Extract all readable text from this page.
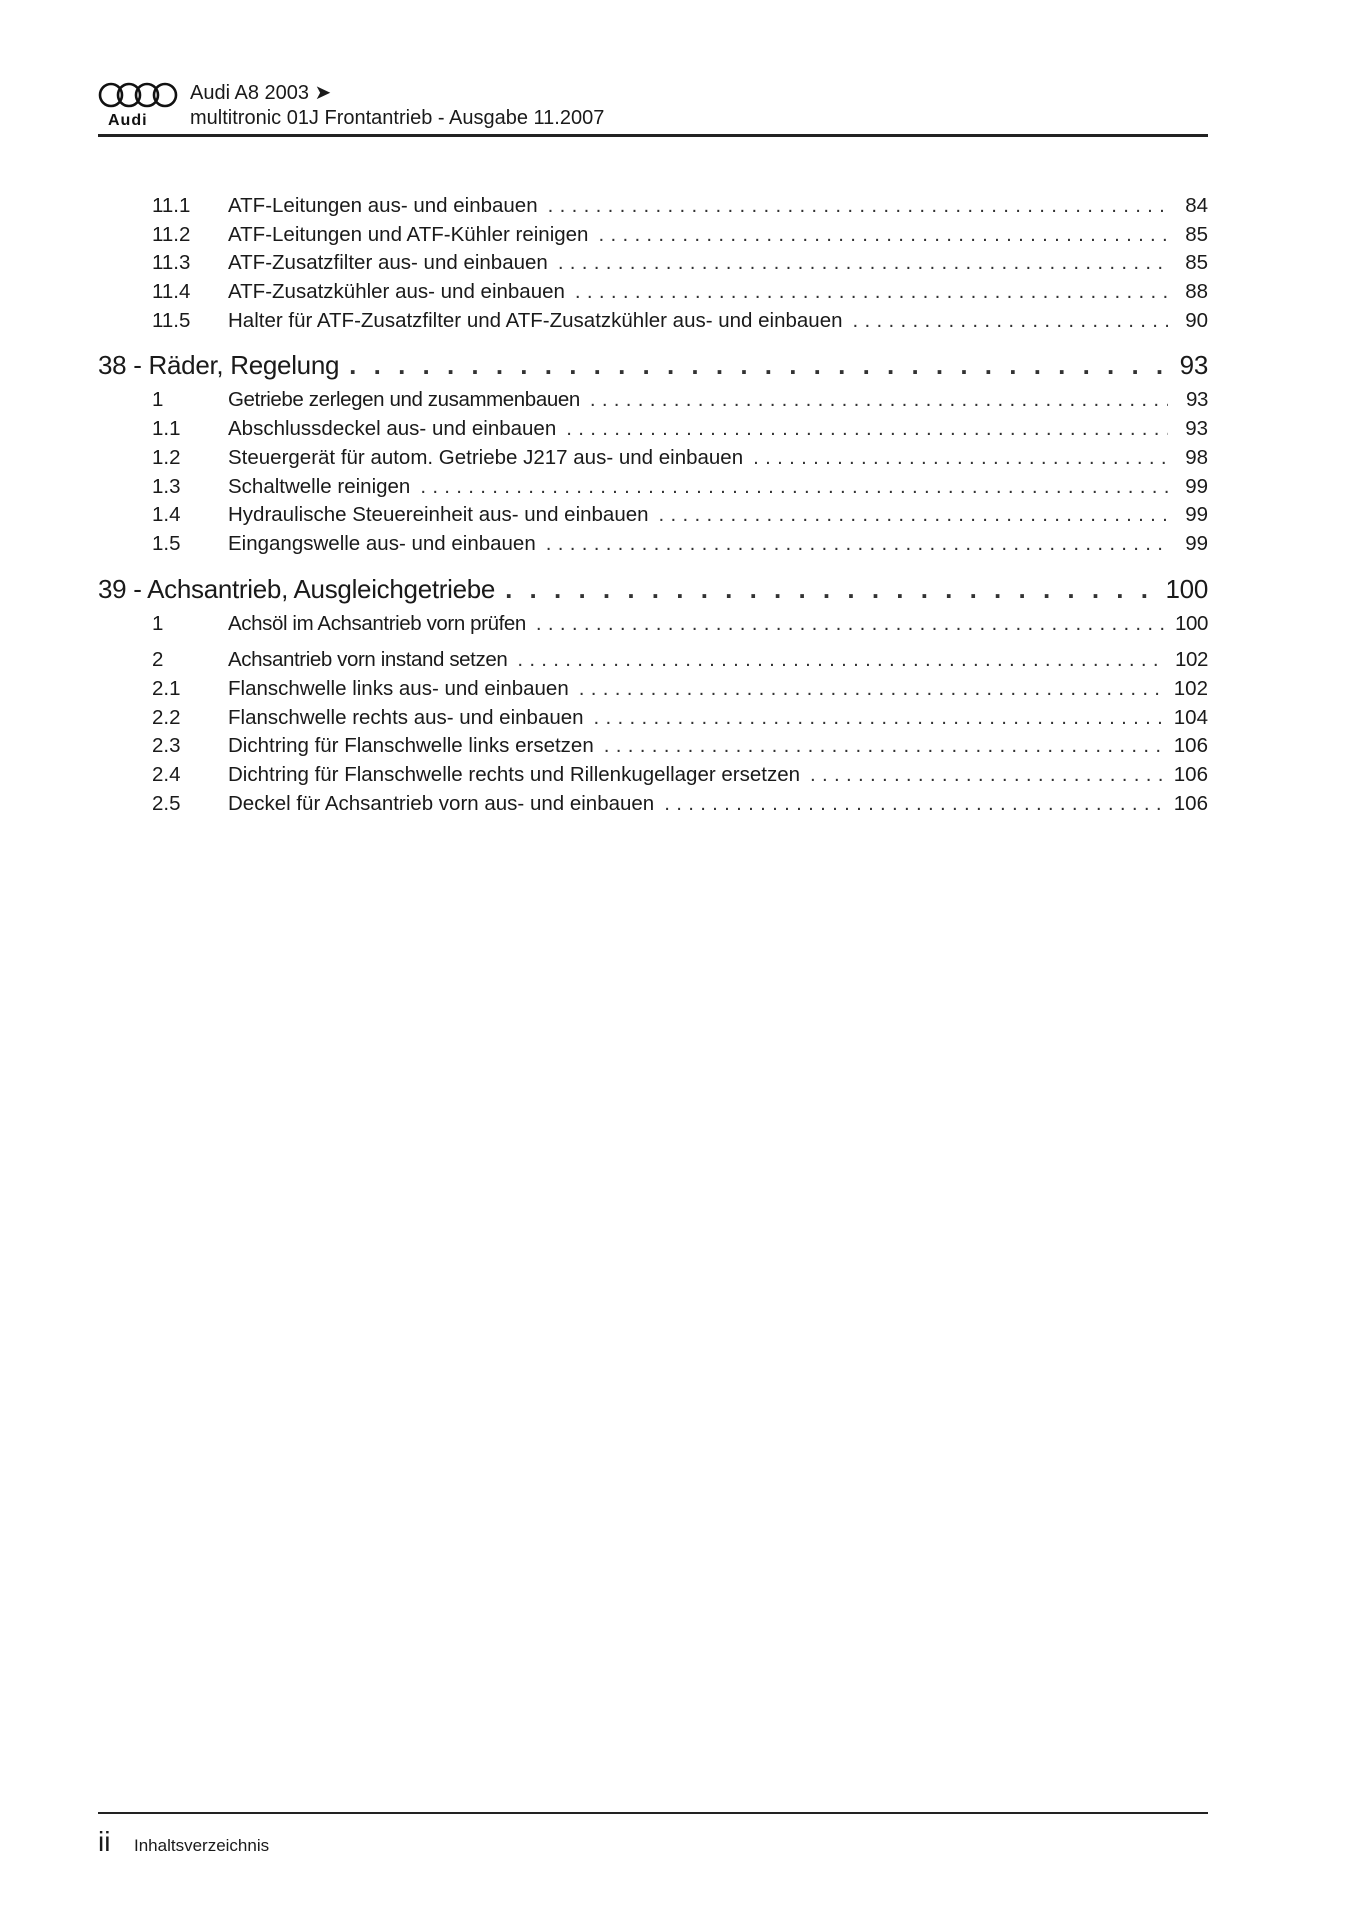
Audi
Audi A8 2003 ➤
multitronic 01J Frontantrieb - Ausgabe 11.2007
11.1	ATF-Leitungen aus- und einbauen . . .	84
11.2	ATF-Leitungen und ATF-Kühler reinigen . . .	85
11.3	ATF-Zusatzfilter aus- und einbauen . . .	85
11.4	ATF-Zusatzkühler aus- und einbauen . . .	88
11.5	Halter für ATF-Zusatzfilter und ATF-Zusatzkühler aus- und einbauen . . .	90
38 - Räder, Regelung . . .	93
1	Getriebe zerlegen und zusammenbauen . . .	93
1.1	Abschlussdeckel aus- und einbauen . . .	93
1.2	Steuergerät für autom. Getriebe J217 aus- und einbauen . . .	98
1.3	Schaltwelle reinigen . . .	99
1.4	Hydraulische Steuereinheit aus- und einbauen . . .	99
1.5	Eingangswelle aus- und einbauen . . .	99
39 - Achsantrieb, Ausgleichgetriebe . . .	100
1	Achsöl im Achsantrieb vorn prüfen . . .	100
2	Achsantrieb vorn instand setzen . . .	102
2.1	Flanschwelle links aus- und einbauen . . .	102
2.2	Flanschwelle rechts aus- und einbauen . . .	104
2.3	Dichtring für Flanschwelle links ersetzen . . .	106
2.4	Dichtring für Flanschwelle rechts und Rillenkugellager ersetzen . . .	106
2.5	Deckel für Achsantrieb vorn aus- und einbauen . . .	106
ii Inhaltsverzeichnis
